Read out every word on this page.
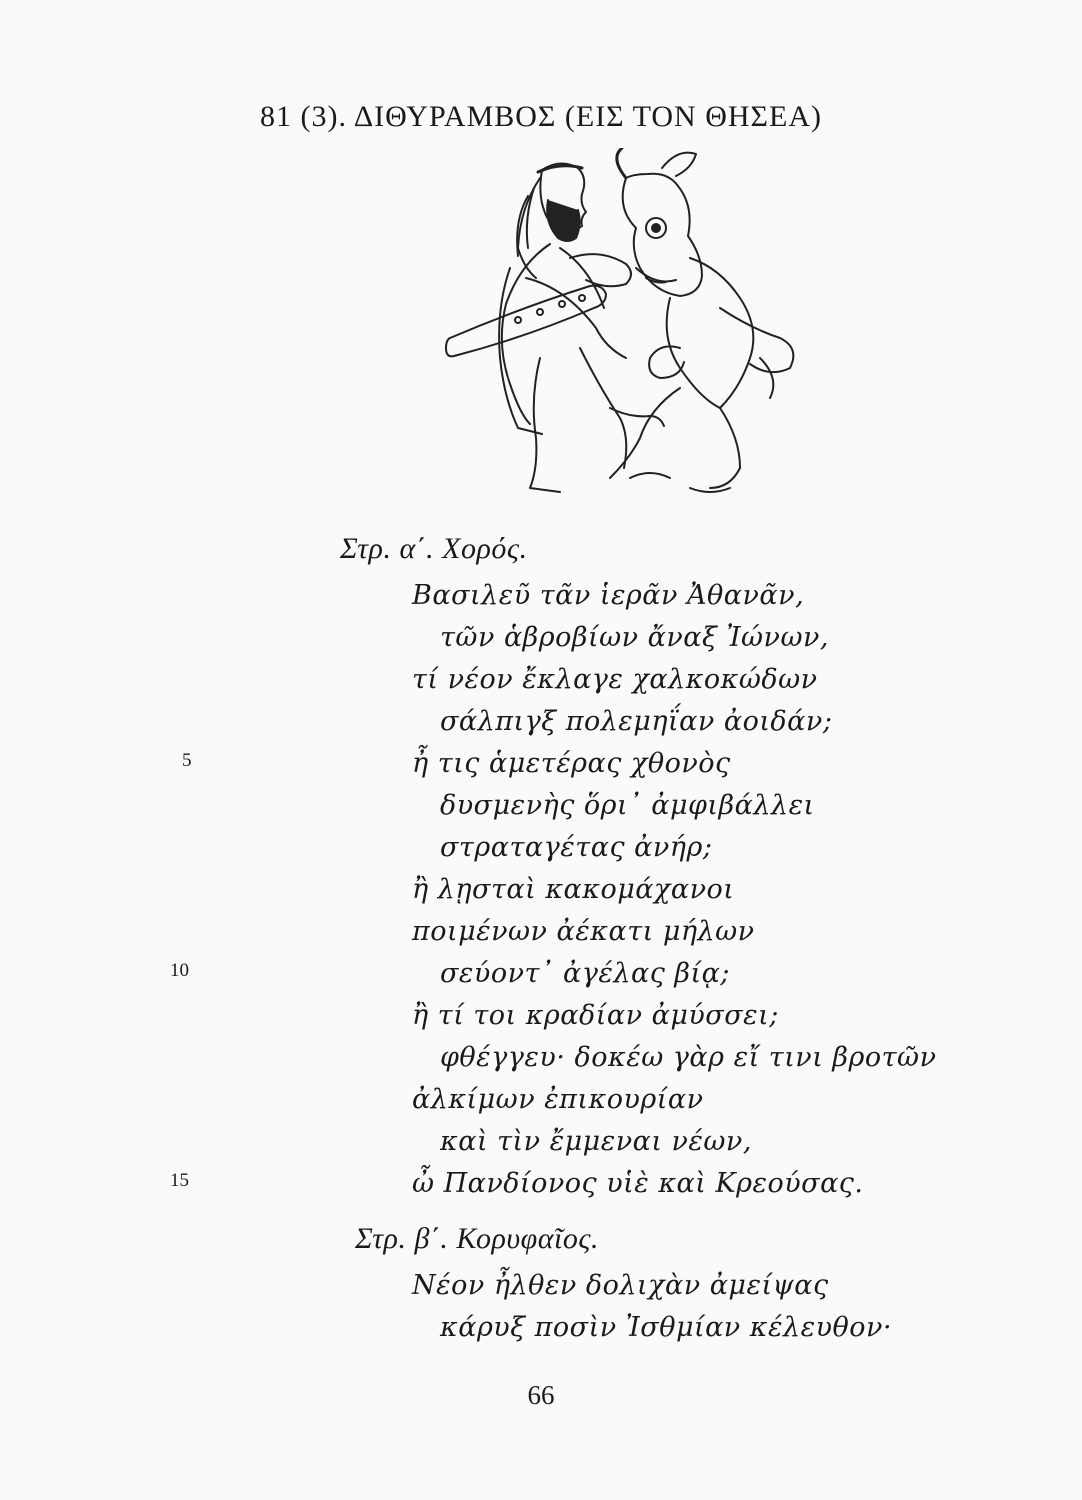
81 (3). ΔΙΘΥΡΑΜΒΟΣ (ΕΙΣ ΤΟΝ ΘΗΣΕΑ)
Στρ. α΄. Χορός.
Βασιλεῦ τᾶν ἱερᾶν Ἀθανᾶν,
τῶν ἁβροβίων ἄναξ Ἰώνων,
τί νέον ἔκλαγε χαλκοκώδων
σάλπιγξ πολεμηΐαν ἀοιδάν;
ἦ τις ἁμετέρας χθονὸς
δυσμενὴς ὅρι᾽ ἀμφιβάλλει
στραταγέτας ἀνήρ;
ἢ λῃσταὶ κακομάχανοι
ποιμένων ἀέκατι μήλων
σεύοντ᾽ ἀγέλας βίᾳ;
ἢ τί τοι κραδίαν ἀμύσσει;
φθέγγευ· δοκέω γὰρ εἴ τινι βροτῶν
ἀλκίμων ἐπικουρίαν
καὶ τὶν ἔμμεναι νέων,
ὦ Πανδίονος υἱὲ καὶ Κρεούσας.
5
10
15
Στρ. β΄. Κορυφαῖος.
Νέον ἦλθεν δολιχὰν ἀμείψας
κάρυξ ποσὶν Ἰσθμίαν κέλευθον·
66
